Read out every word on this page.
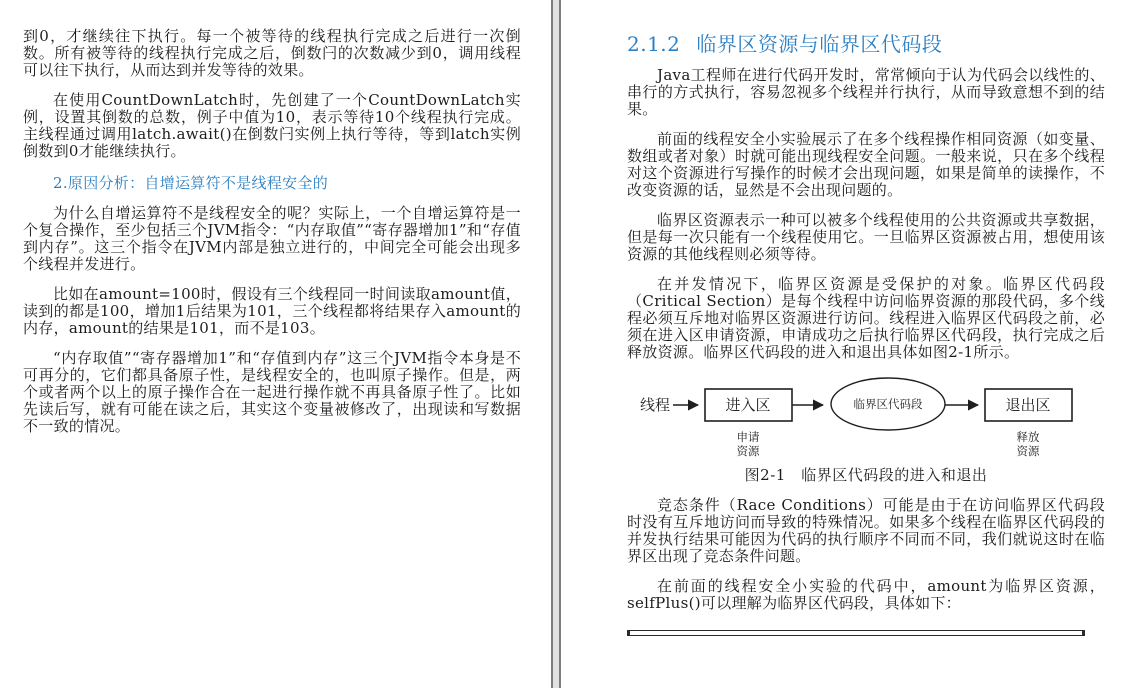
到0，才继续往下执行。每一个被等待的线程执行完成之后进行一次倒数。所有被等待的线程执行完成之后，倒数闩的次数减少到0，调用线程可以往下执行，从而达到并发等待的效果。

在使用CountDownLatch时，先创建了一个CountDownLatch实例，设置其倒数的总数，例子中值为10，表示等待10个线程执行完成。主线程通过调用latch.await()在倒数闩实例上执行等待，等到latch实例倒数到0才能继续执行。

2.原因分析：自增运算符不是线程安全的

为什么自增运算符不是线程安全的呢？实际上，一个自增运算符是一个复合操作，至少包括三个JVM指令：“内存取值”“寄存器增加1”和“存值到内存”。这三个指令在JVM内部是独立进行的，中间完全可能会出现多个线程并发进行。

比如在amount=100时，假设有三个线程同一时间读取amount值，读到的都是100，增加1后结果为101，三个线程都将结果存入amount的内存，amount的结果是101，而不是103。

“内存取值”“寄存器增加1”和“存值到内存”这三个JVM指令本身是不可再分的，它们都具备原子性，是线程安全的，也叫原子操作。但是，两个或者两个以上的原子操作合在一起进行操作就不再具备原子性了。比如先读后写，就有可能在读之后，其实这个变量被修改了，出现读和写数据不一致的情况。

2.1.2 临界区资源与临界区代码段

Java工程师在进行代码开发时，常常倾向于认为代码会以线性的、串行的方式执行，容易忽视多个线程并行执行，从而导致意想不到的结果。

前面的线程安全小实验展示了在多个线程操作相同资源（如变量、数组或者对象）时就可能出现线程安全问题。一般来说，只在多个线程对这个资源进行写操作的时候才会出现问题，如果是简单的读操作，不改变资源的话，显然是不会出现问题的。

临界区资源表示一种可以被多个线程使用的公共资源或共享数据，但是每一次只能有一个线程使用它。一旦临界区资源被占用，想使用该资源的其他线程则必须等待。

在并发情况下，临界区资源是受保护的对象。临界区代码段（Critical Section）是每个线程中访问临界资源的那段代码，多个线程必须互斥地对临界区资源进行访问。线程进入临界区代码段之前，必须在进入区申请资源，申请成功之后执行临界区代码段，执行完成之后释放资源。临界区代码段的进入和退出具体如图2-1所示。

线程	进入区	临界区代码段	退出区
申请
资源
释放
资源
图2-1　临界区代码段的进入和退出

竞态条件（Race Conditions）可能是由于在访问临界区代码段时没有互斥地访问而导致的特殊情况。如果多个线程在临界区代码段的并发执行结果可能因为代码的执行顺序不同而不同，我们就说这时在临界区出现了竞态条件问题。

在前面的线程安全小实验的代码中，amount为临界区资源，selfPlus()可以理解为临界区代码段，具体如下：
